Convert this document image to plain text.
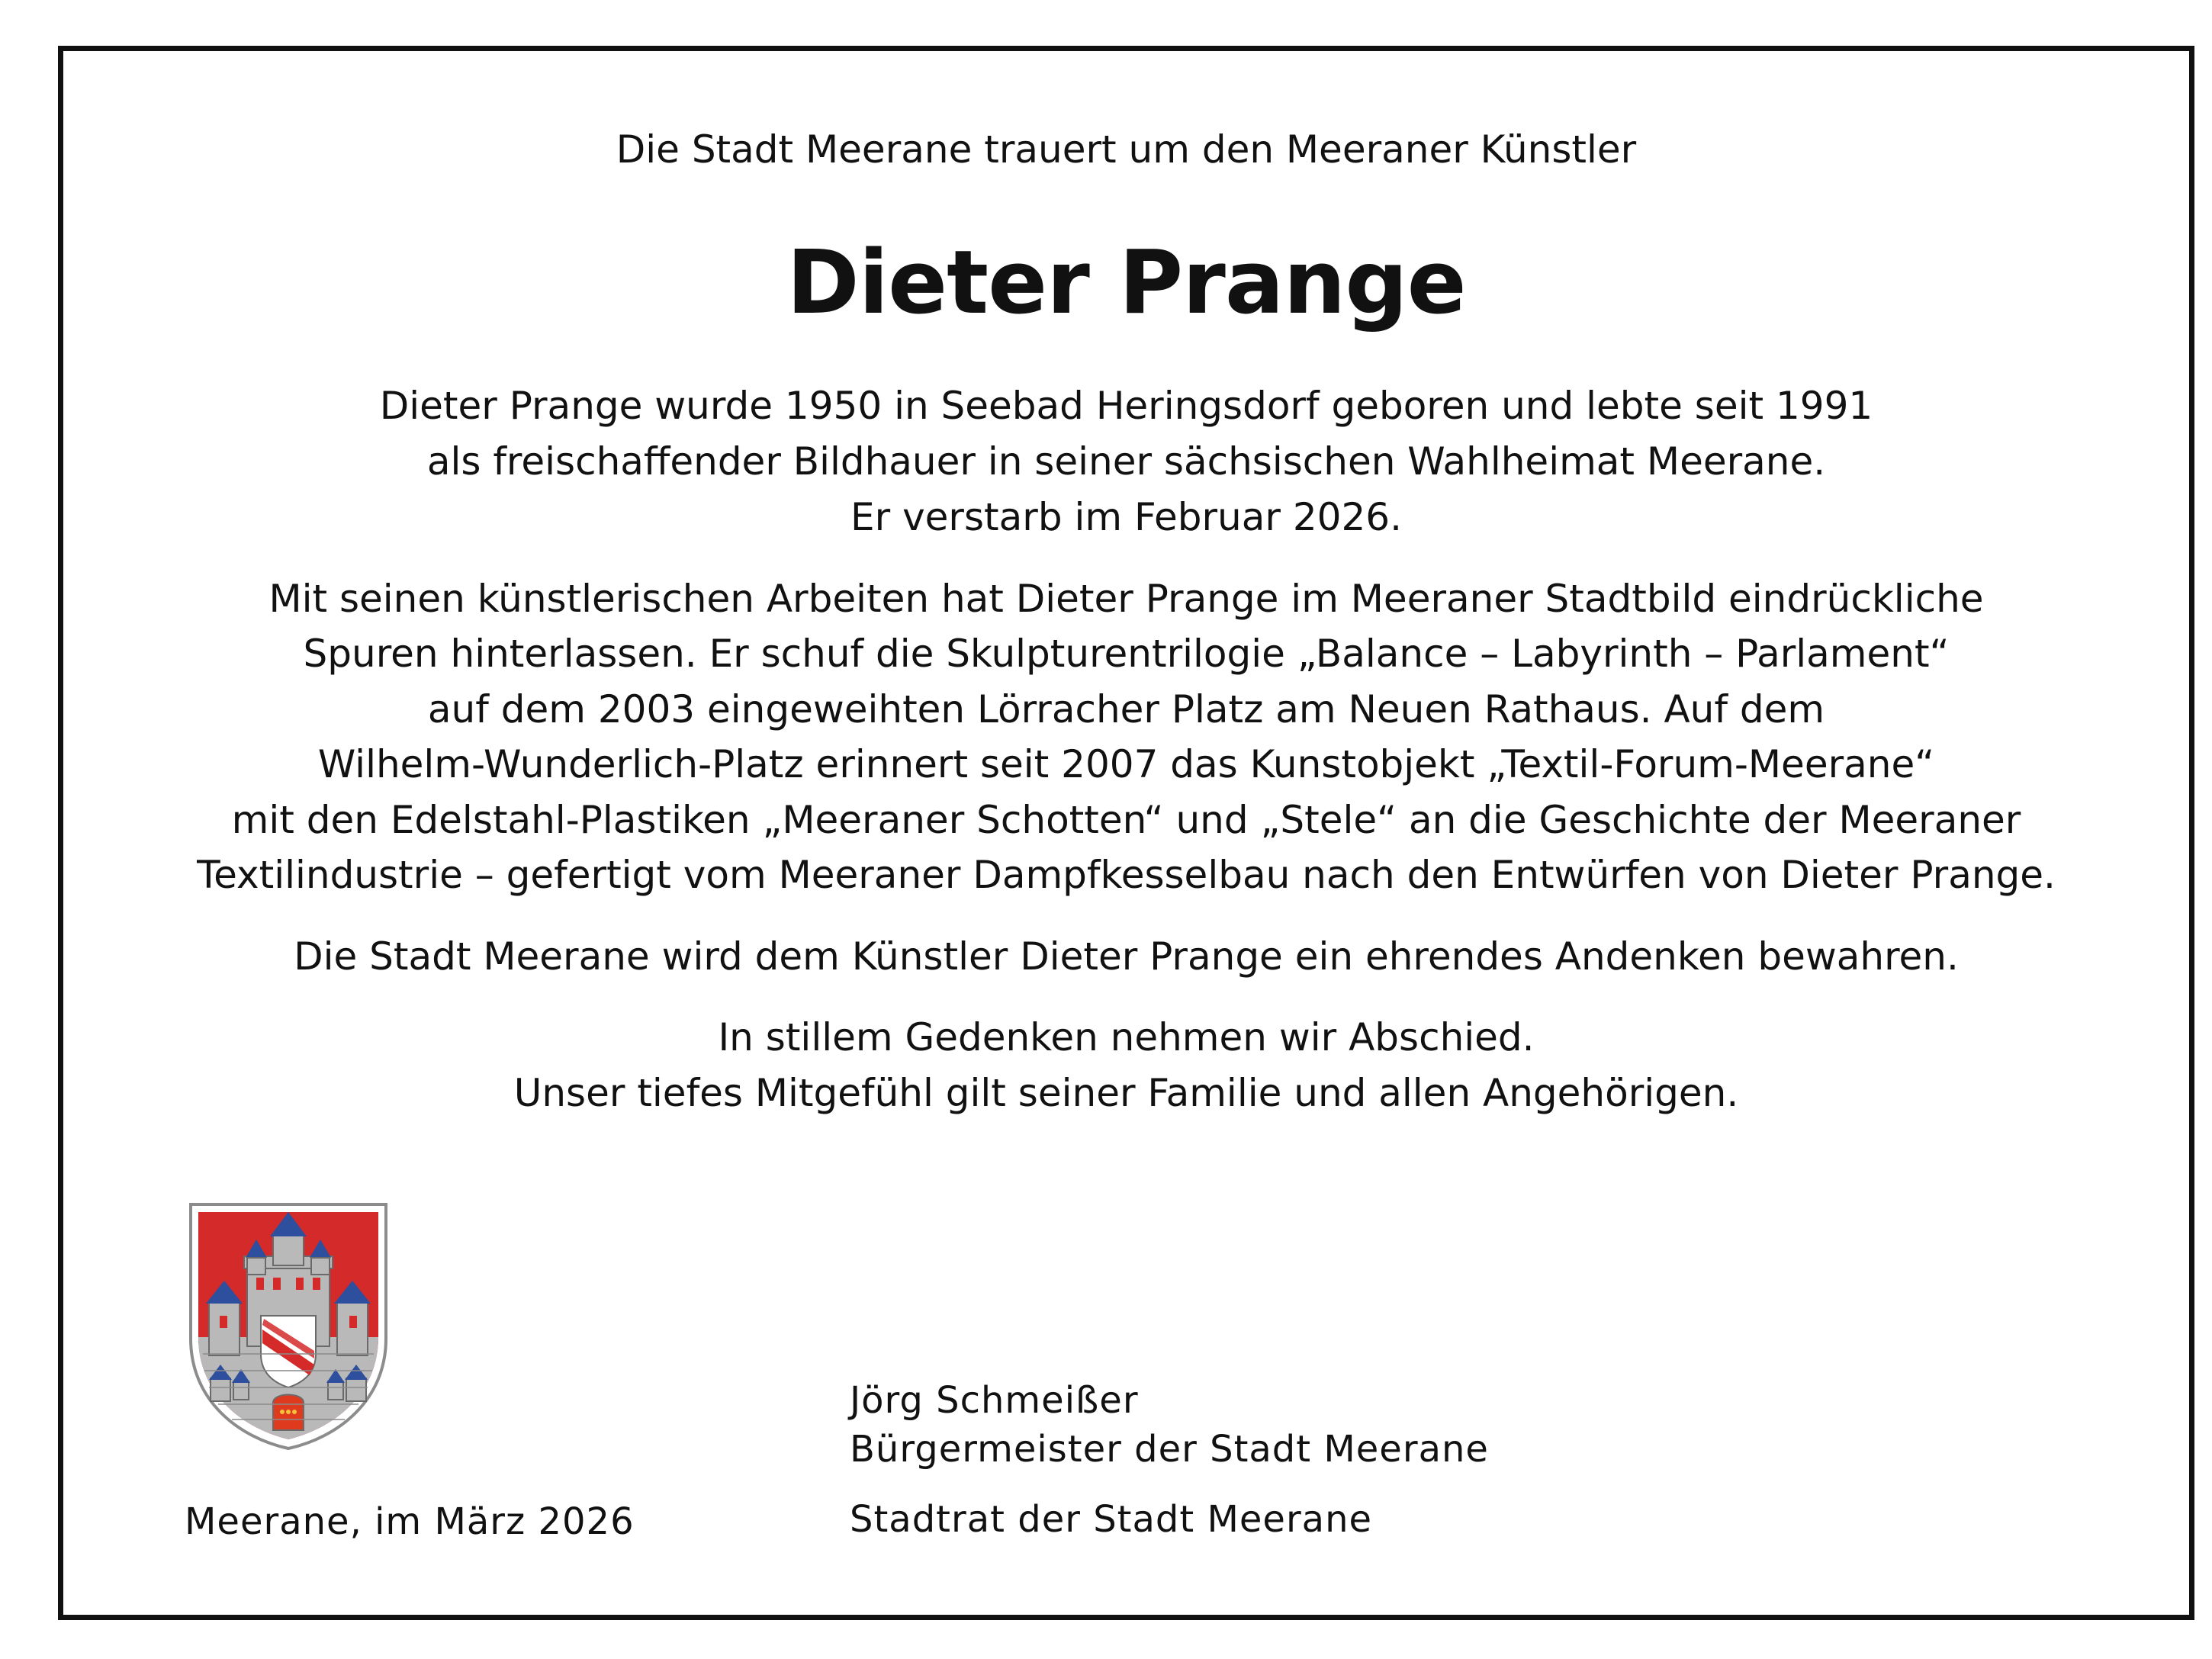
Die Stadt Meerane trauert um den Meeraner Künstler
Dieter Prange
Dieter Prange wurde 1950 in Seebad Heringsdorf geboren und lebte seit 1991
als freischaffender Bildhauer in seiner sächsischen Wahlheimat Meerane.
Er verstarb im Februar 2026.
Mit seinen künstlerischen Arbeiten hat Dieter Prange im Meeraner Stadtbild eindrückliche
Spuren hinterlassen. Er schuf die Skulpturentrilogie „Balance – Labyrinth – Parlament“
auf dem 2003 eingeweihten Lörracher Platz am Neuen Rathaus. Auf dem
Wilhelm-Wunderlich-Platz erinnert seit 2007 das Kunstobjekt „Textil-Forum-Meerane“
mit den Edelstahl-Plastiken „Meeraner Schotten“ und „Stele“ an die Geschichte der Meeraner
Textilindustrie – gefertigt vom Meeraner Dampfkesselbau nach den Entwürfen von Dieter Prange.
Die Stadt Meerane wird dem Künstler Dieter Prange ein ehrendes Andenken bewahren.
In stillem Gedenken nehmen wir Abschied.
Unser tiefes Mitgefühl gilt seiner Familie und allen Angehörigen.
Meerane, im März 2026
Jörg Schmeißer
Bürgermeister der Stadt Meerane
Stadtrat der Stadt Meerane
